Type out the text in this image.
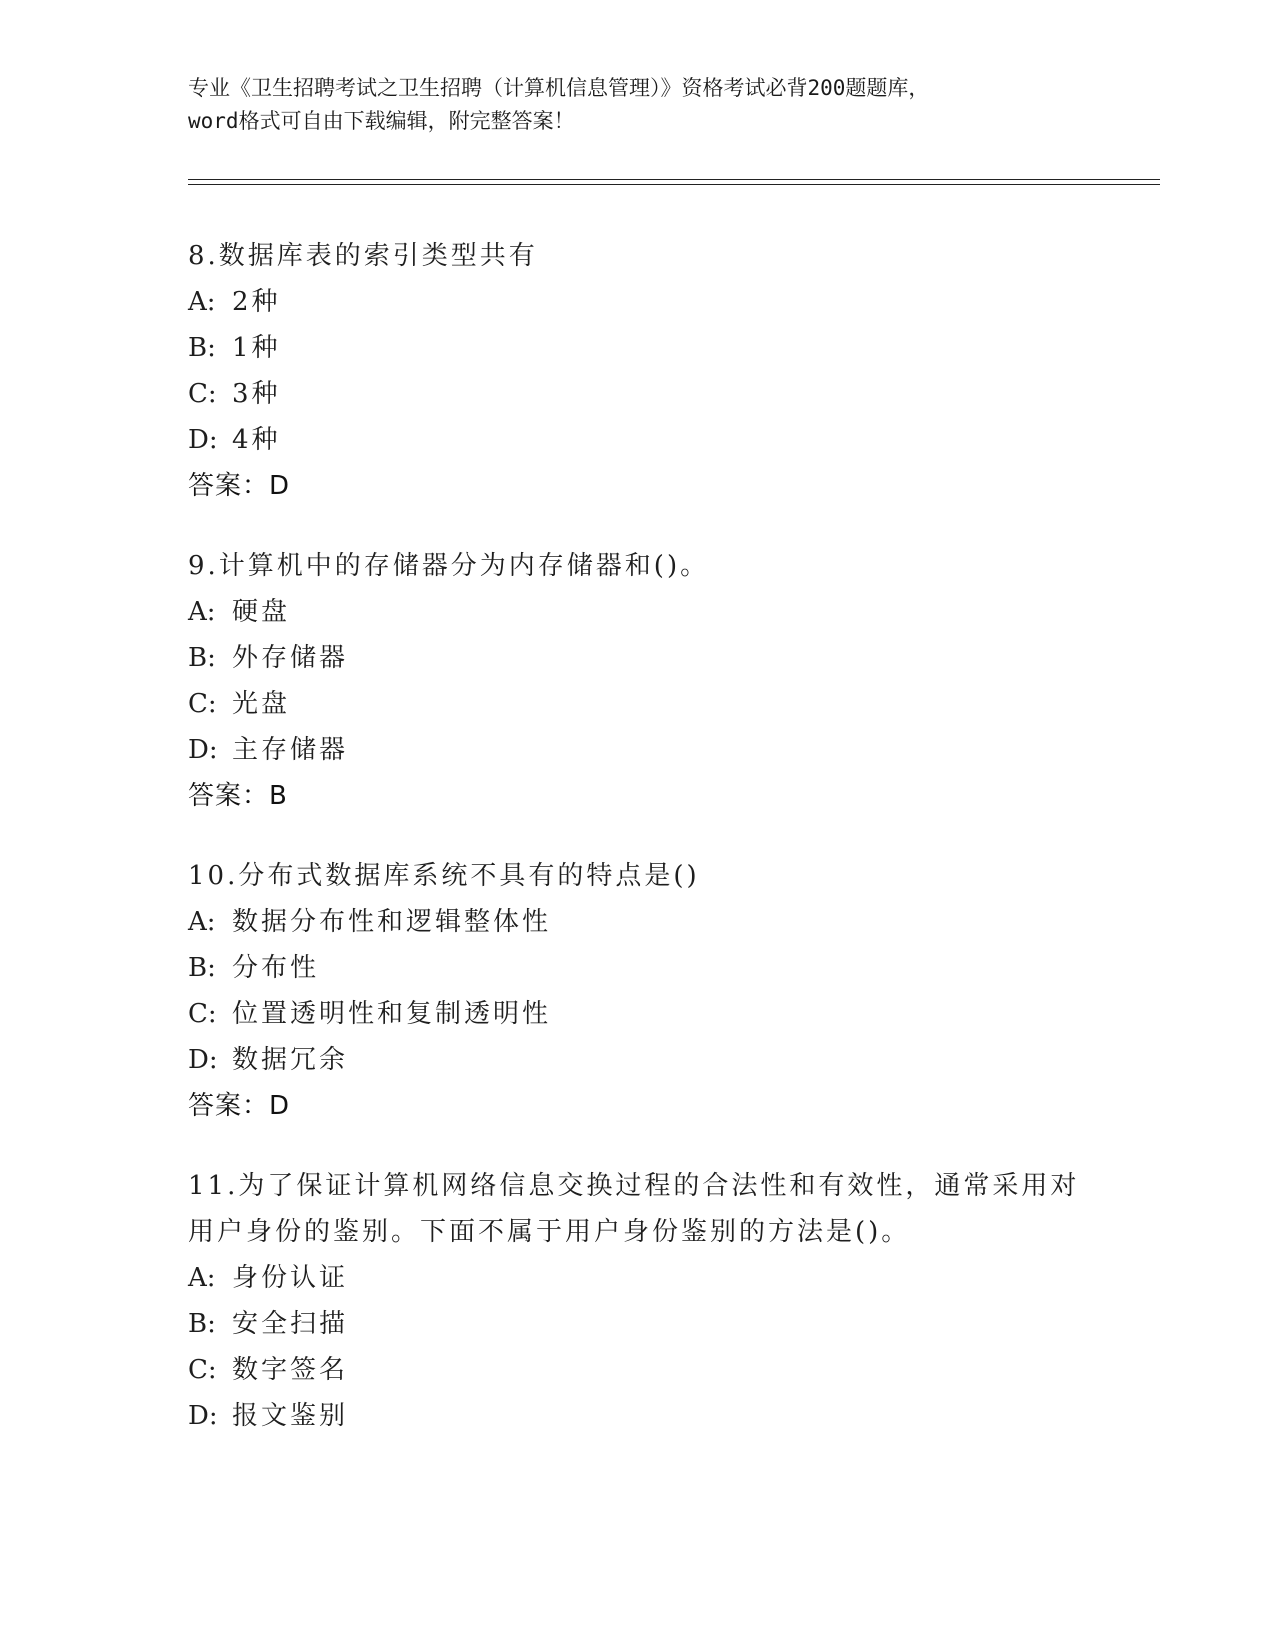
专业《卫生招聘考试之卫生招聘（计算机信息管理）》资格考试必背200题题库，
word格式可自由下载编辑，附完整答案！
8.数据库表的索引类型共有
A: 2种
B: 1种
C: 3种
D: 4种
答案：D
9.计算机中的存储器分为内存储器和()。
A: 硬盘
B: 外存储器
C: 光盘
D: 主存储器
答案：B
10.分布式数据库系统不具有的特点是()
A: 数据分布性和逻辑整体性
B: 分布性
C: 位置透明性和复制透明性
D: 数据冗余
答案：D
11.为了保证计算机网络信息交换过程的合法性和有效性，通常采用对用户身份的鉴别。下面不属于用户身份鉴别的方法是()。
A: 身份认证
B: 安全扫描
C: 数字签名
D: 报文鉴别
